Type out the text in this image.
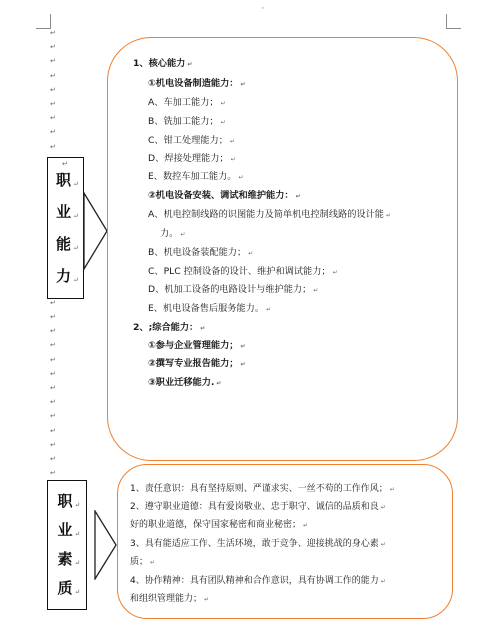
'
↵
↵
↵
↵
↵
↵
↵
↵
↵
↵
↵
↵
↵
↵
↵
↵
↵
↵
↵
↵
↵
↵
↵
职 ↵
业 ↵
能 ↵
力 ↵
职 ↵
业 ↵
素 ↵
质 ↵
1、核心能力 ↵
①机电设备制造能力： ↵
A、车加工能力； ↵
B、铣加工能力； ↵
C、钳工处理能力； ↵
D、焊接处理能力； ↵
E、数控车加工能力。 ↵
②机电设备安装、调试和维护能力： ↵
A、机电控制线路的识图能力及简单机电控制线路的设计能 ↵
力。 ↵
B、机电设备装配能力； ↵
C、PLC 控制设备的设计、维护和调试能力； ↵
D、机加工设备的电路设计与维护能力； ↵
E、机电设备售后服务能力。 ↵
2、;综合能力： ↵
①参与企业管理能力； ↵
②撰写专业报告能力； ↵
③职业迁移能力. ↵
1、责任意识：具有坚持原则、严谨求实、一丝不苟的工作作风； ↵
2、遵守职业道德：具有爱岗敬业、忠于职守、诚信的品质和良 ↵
好的职业道德，保守国家秘密和商业秘密； ↵
3、具有能适应工作、生活环境，敢于竞争、迎接挑战的身心素 ↵
质； ↵
4、协作精神：具有团队精神和合作意识，具有协调工作的能力 ↵
和组织管理能力； ↵
